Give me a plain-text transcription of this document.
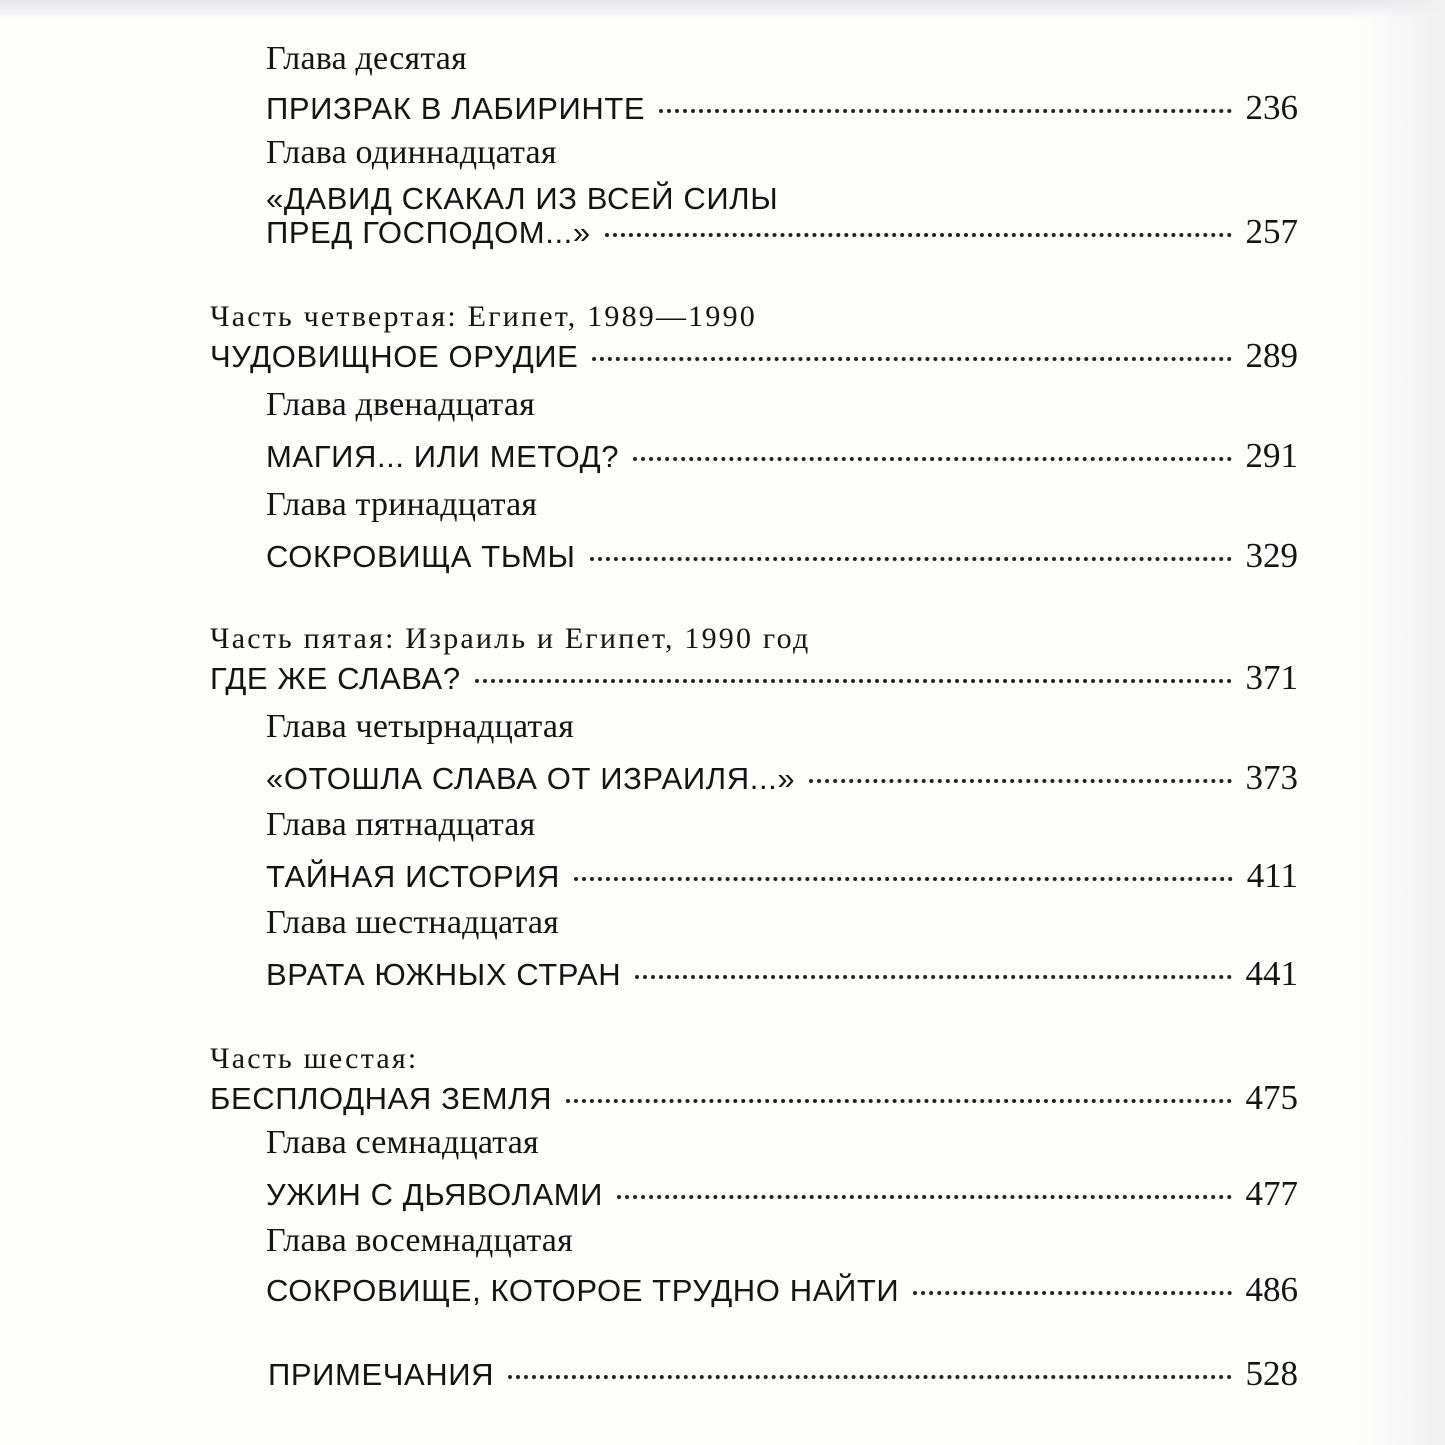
Глава десятая
ПРИЗРАК В ЛАБИРИНТЕ	236
Глава одиннадцатая
«ДАВИД СКАКАЛ ИЗ ВСЕЙ СИЛЫ
ПРЕД ГОСПОДОМ...»	257
Часть четвертая: Египет, 1989—1990
ЧУДОВИЩНОЕ ОРУДИЕ	289
Глава двенадцатая
МАГИЯ... ИЛИ МЕТОД?	291
Глава тринадцатая
СОКРОВИЩА ТЬМЫ	329
Часть пятая: Израиль и Египет, 1990 год
ГДЕ ЖЕ СЛАВА?	371
Глава четырнадцатая
«ОТОШЛА СЛАВА ОТ ИЗРАИЛЯ...»	373
Глава пятнадцатая
ТАЙНАЯ ИСТОРИЯ	411
Глава шестнадцатая
ВРАТА ЮЖНЫХ СТРАН	441
Часть шестая:
БЕСПЛОДНАЯ ЗЕМЛЯ	475
Глава семнадцатая
УЖИН С ДЬЯВОЛАМИ	477
Глава восемнадцатая
СОКРОВИЩЕ, КОТОРОЕ ТРУДНО НАЙТИ	486
ПРИМЕЧАНИЯ	528
